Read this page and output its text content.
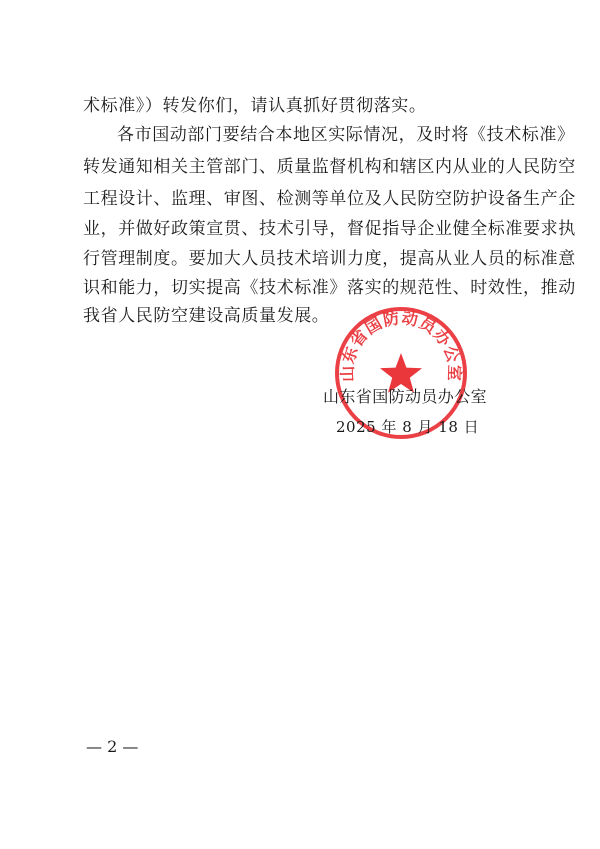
术标准》）转发你们，请认真抓好贯彻落实。
各市国动部门要结合本地区实际情况，及时将《技术标准》
转发通知相关主管部门、质量监督机构和辖区内从业的人民防空
工程设计、监理、审图、检测等单位及人民防空防护设备生产企
业，并做好政策宣贯、技术引导，督促指导企业健全标准要求执
行管理制度。要加大人员技术培训力度，提高从业人员的标准意
识和能力，切实提高《技术标准》落实的规范性、时效性，推动
我省人民防空建设高质量发展。
山东省国防动员办公室
山东省国防动员办公室
2025 年 8 月 18 日
— 2 —
